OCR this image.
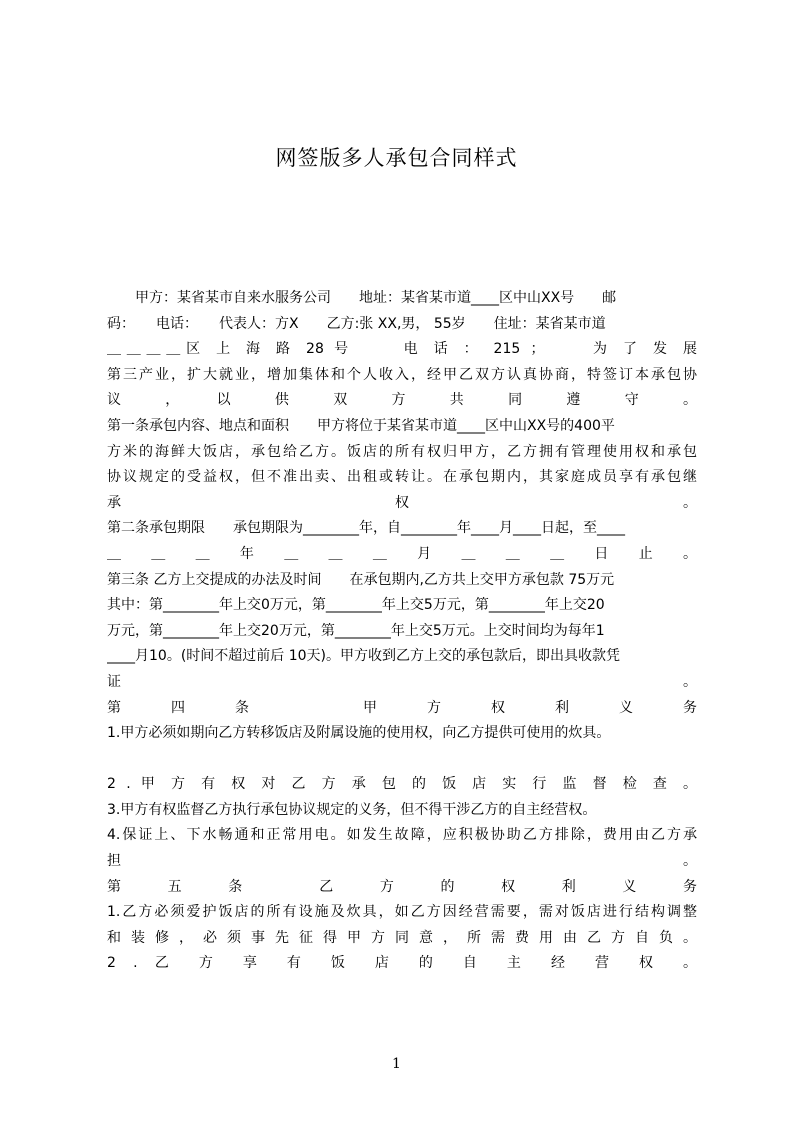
网签版多人承包合同样式
　　甲方：某省某市自来水服务公司　　地址：某省某市道____区中山XX号　　邮
码：　　电话：　　代表人：方X　　乙方:张 XX,男， 55岁　　住址：某省某市道
＿＿＿＿区 上 海 路 28 号　　 电 话 ： 215 ；　　 为 了 发 展
第三产业，扩大就业，增加集体和个人收入，经甲乙双方认真协商，特签订本承包协
议　，　以　供　双　方　共　同　遵　守　。
第一条承包内容、地点和面积　　甲方将位于某省某市道____区中山XX号的400平
方米的海鲜大饭店，承包给乙方。饭店的所有权归甲方，乙方拥有管理使用权和承包
协议规定的受益权，但不准出卖、出租或转让。在承包期内，其家庭成员享有承包继
承　　　　权　　　　。
第二条承包期限　　承包期限为________年，自________年____月____日起，至____
＿　＿　＿　年　＿　＿　＿　月　＿　＿　＿　日　止　。
第三条 乙方上交提成的办法及时间　　在承包期内,乙方共上交甲方承包款 75万元
其中：第________年上交0万元，第________年上交5万元，第________年上交20
万元，第________年上交20万元，第________年上交5万元。上交时间均为每年1
____月10。(时间不超过前后 10天)。甲方收到乙方上交的承包款后，即出具收款凭
证　　　　。
第　四　条　　　甲　方　权　利　义　务
1.甲方必须如期向乙方转移饭店及附属设施的使用权，向乙方提供可使用的炊具。
2 . 甲 方 有 权 对 乙 方 承 包 的 饭 店 实 行 监 督 检 查 。
3.甲方有权监督乙方执行承包协议规定的义务，但不得干涉乙方的自主经营权。
4.保证上、下水畅通和正常用电。如发生故障，应积极协助乙方排除，费用由乙方承
担　　　　。
第　五　条　　乙　方　的　权　利　义　务
1.乙方必须爱护饭店的所有设施及炊具，如乙方因经营需要，需对饭店进行结构调整
和 装 修 ， 必 须 事 先 征 得 甲 方 同 意 ， 所 需 费 用 由 乙 方 自 负 。
2 . 乙 方 享 有 饭 店 的 自 主 经 营 权 。
1
